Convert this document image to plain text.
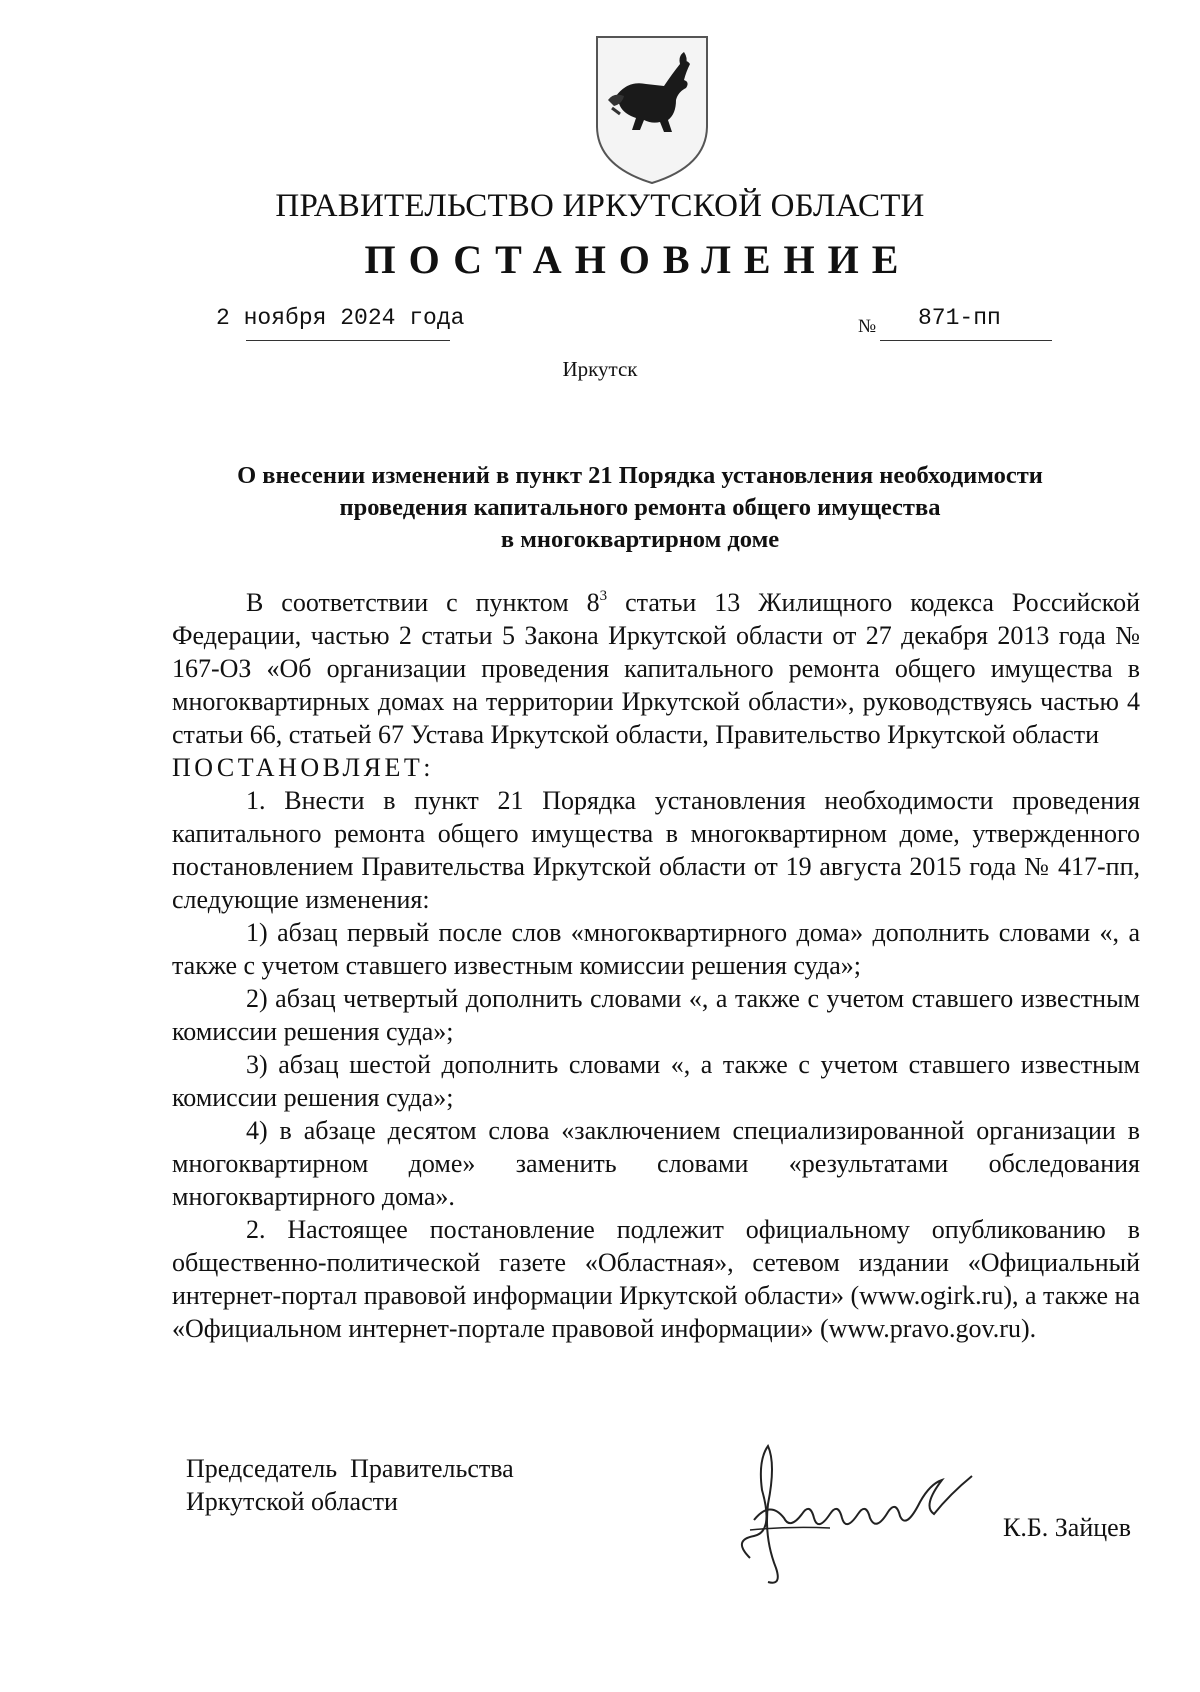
ПРАВИТЕЛЬСТВО ИРКУТСКОЙ ОБЛАСТИ
ПОСТАНОВЛЕНИЕ
2 ноября 2024 года	№ 871-пп
Иркутск
О внесении изменений в пункт 21 Порядка установления необходимости
проведения капитального ремонта общего имущества
в многоквартирном доме

В соответствии с пунктом $8^3$ статьи 13 Жилищного кодекса Российской Федерации, частью 2 статьи 5 Закона Иркутской области от 27 декабря 2013 года № 167-ОЗ «Об организации проведения капитального ремонта общего имущества в многоквартирных домах на территории Иркутской области», руководствуясь частью 4 статьи 66, статьей 67 Устава Иркутской области, Правительство Иркутской области

ПОСТАНОВЛЯЕТ:

1. Внести в пункт 21 Порядка установления необходимости проведения капитального ремонта общего имущества в многоквартирном доме, утвержденного постановлением Правительства Иркутской области от 19 августа 2015 года № 417-пп, следующие изменения:

1) абзац первый после слов «многоквартирного дома» дополнить словами «, а также с учетом ставшего известным комиссии решения суда»;

2) абзац четвертый дополнить словами «, а также с учетом ставшего известным комиссии решения суда»;

3) абзац шестой дополнить словами «, а также с учетом ставшего известным комиссии решения суда»;

4) в абзаце десятом слова «заключением специализированной организации в многоквартирном доме» заменить словами «результатами обследования многоквартирного дома».

2. Настоящее постановление подлежит официальному опубликованию в общественно-политической газете «Областная», сетевом издании «Официальный интернет-портал правовой информации Иркутской области» (www.ogirk.ru), а также на «Официальном интернет-портале правовой информации» (www.pravo.gov.ru).

Председатель  Правительства
Иркутской области
К.Б. Зайцев
